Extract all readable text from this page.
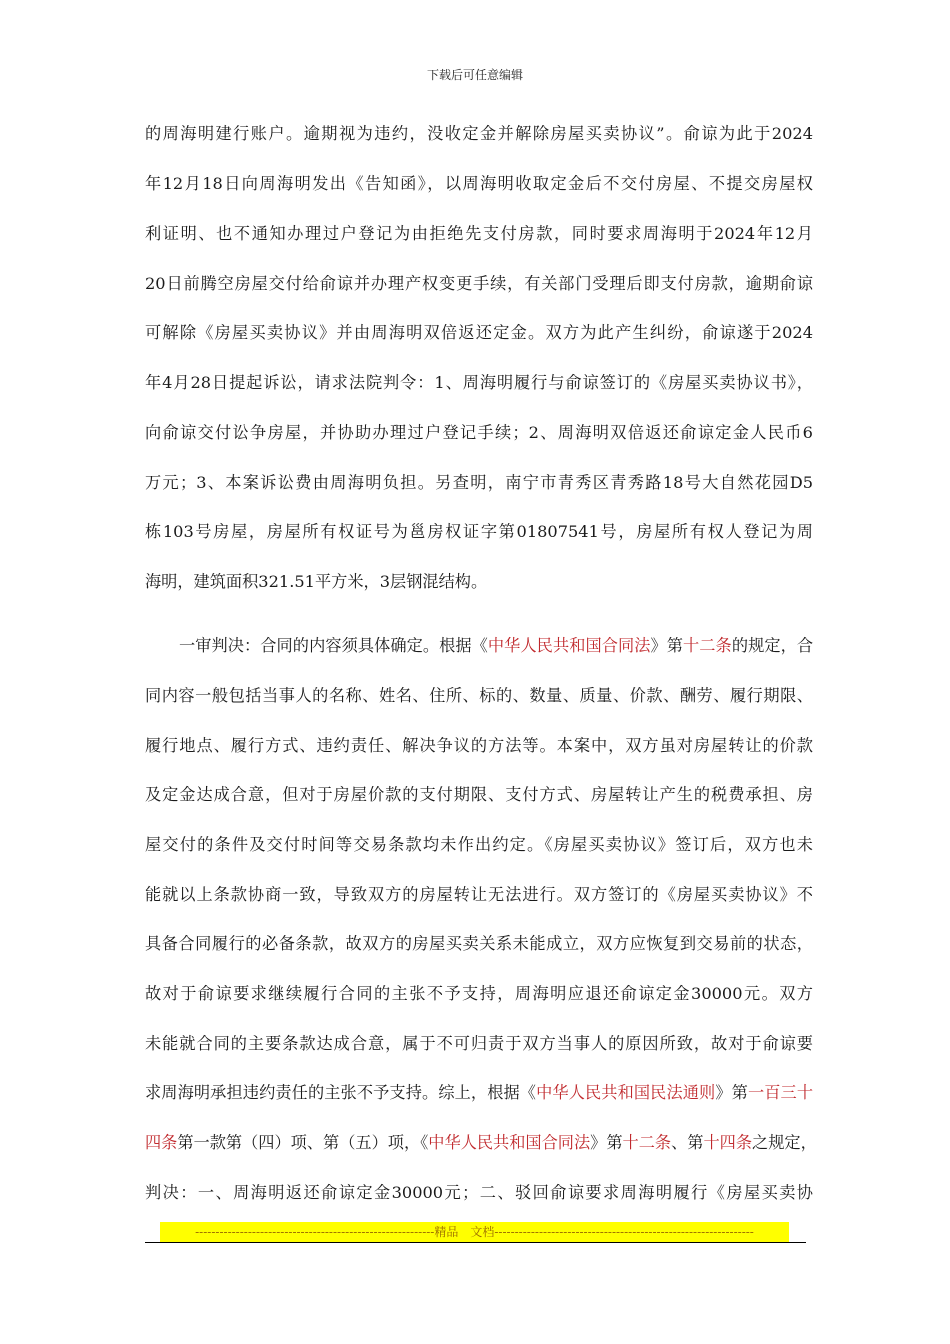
下载后可任意编辑
的周海明建行账户。逾期视为违约，没收定金并解除房屋买卖协议”。俞谅为此于2024
年12月18日向周海明发出《告知函》，以周海明收取定金后不交付房屋、不提交房屋权
利证明、也不通知办理过户登记为由拒绝先支付房款，同时要求周海明于2024年12月
20日前腾空房屋交付给俞谅并办理产权变更手续，有关部门受理后即支付房款，逾期俞谅
可解除《房屋买卖协议》并由周海明双倍返还定金。双方为此产生纠纷，俞谅遂于2024
年4月28日提起诉讼，请求法院判令：1、周海明履行与俞谅签订的《房屋买卖协议书》，
向俞谅交付讼争房屋，并协助办理过户登记手续；2、周海明双倍返还俞谅定金人民币6
万元；3、本案诉讼费由周海明负担。另查明，南宁市青秀区青秀路18号大自然花园D5
栋103号房屋，房屋所有权证号为邕房权证字第01807541号，房屋所有权人登记为周
海明，建筑面积321.51平方米，3层钢混结构。
一审判决：合同的内容须具体确定。根据《中华人民共和国合同法》第十二条的规定，合
同内容一般包括当事人的名称、姓名、住所、标的、数量、质量、价款、酬劳、履行期限、
履行地点、履行方式、违约责任、解决争议的方法等。本案中，双方虽对房屋转让的价款
及定金达成合意，但对于房屋价款的支付期限、支付方式、房屋转让产生的税费承担、房
屋交付的条件及交付时间等交易条款均未作出约定。《房屋买卖协议》签订后，双方也未
能就以上条款协商一致，导致双方的房屋转让无法进行。双方签订的《房屋买卖协议》不
具备合同履行的必备条款，故双方的房屋买卖关系未能成立，双方应恢复到交易前的状态，
故对于俞谅要求继续履行合同的主张不予支持，周海明应退还俞谅定金30000元。双方
未能就合同的主要条款达成合意，属于不可归责于双方当事人的原因所致，故对于俞谅要
求周海明承担违约责任的主张不予支持。综上，根据《中华人民共和国民法通则》第一百三十
四条第一款第（四）项、第（五）项，《中华人民共和国合同法》第十二条、第十四条之规定，
判决：一、周海明返还俞谅定金30000元；二、驳回俞谅要求周海明履行《房屋买卖协
-----------------------------------------------------------精品　文档----------------------------------------------------------------
